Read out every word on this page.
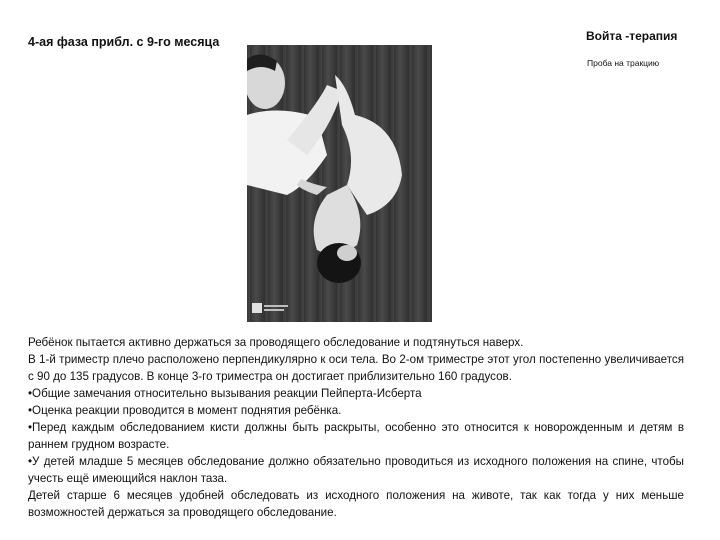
4-ая фаза прибл. с 9-го месяца	Войта -терапия
Проба на тракцию

Ребёнок пытается активно держаться за проводящего обследование и подтянуться наверх.

В 1-й триместр плечо расположено перпендикулярно к оси тела. Во 2-ом триместре этот угол постепенно увеличивается с 90 до 135 градусов. В конце 3-го триместра он достигает приблизительно 160 градусов.

•Общие замечания относительно вызывания реакции Пейперта-Исберта

•Оценка реакции проводится в момент поднятия ребёнка.

•Перед каждым обследованием кисти должны быть раскрыты, особенно это относится к новорожденным и детям в раннем грудном возрасте.

•У детей младше 5 месяцев обследование должно обязательно проводиться из исходного положения на спине, чтобы учесть ещё имеющийся наклон таза.

Детей старше 6 месяцев удобней обследовать из исходного положения на животе, так как тогда у них меньше возможностей держаться за проводящего обследование.
